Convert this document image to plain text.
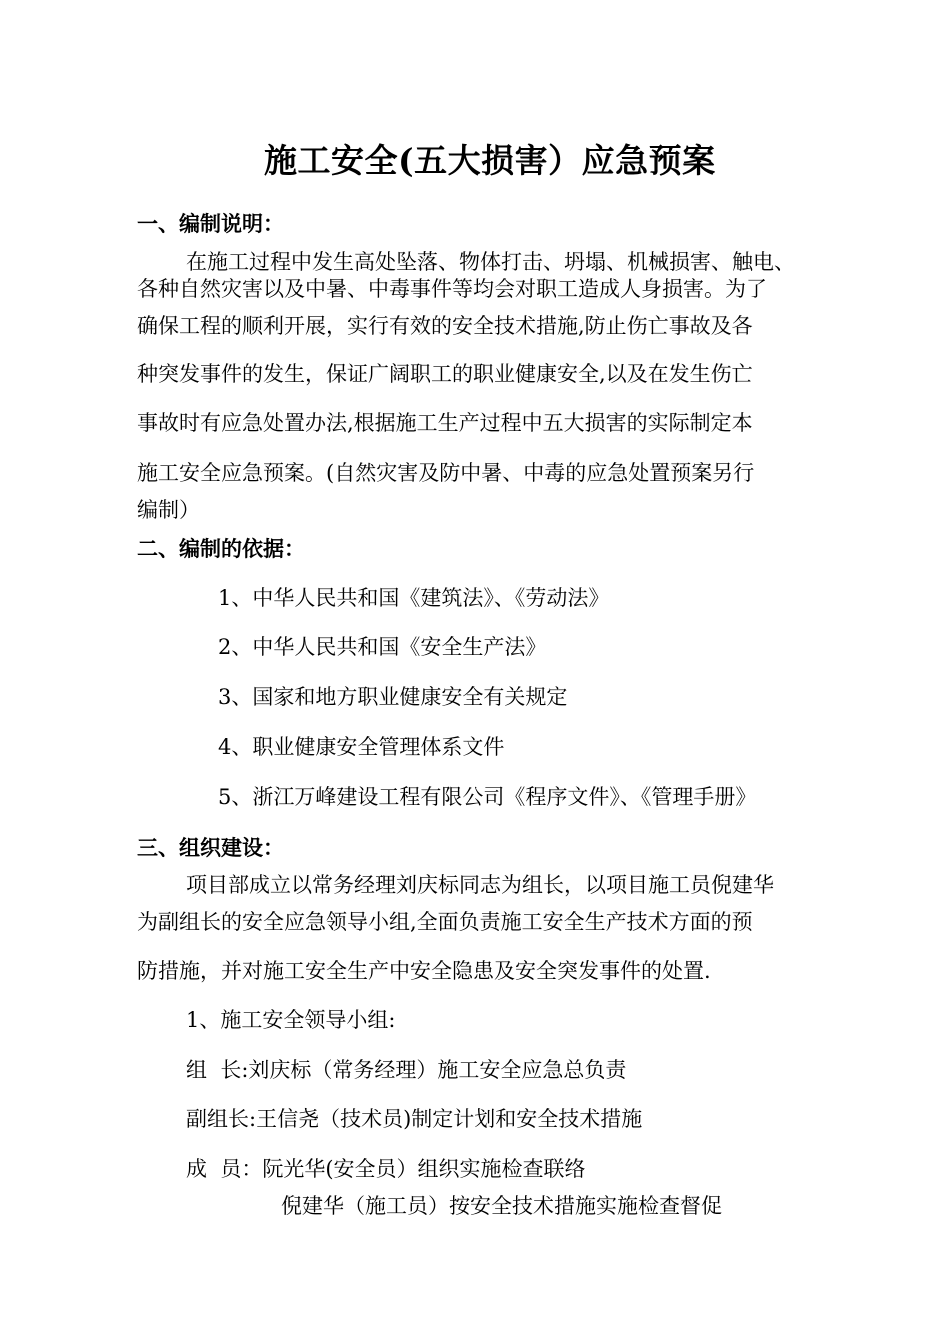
施工安全(五大损害）应急预案
一、编制说明：
在施工过程中发生高处坠落、物体打击、坍塌、机械损害、触电、
各种自然灾害以及中暑、中毒事件等均会对职工造成人身损害。为了
确保工程的顺利开展，实行有效的安全技术措施,防止伤亡事故及各
种突发事件的发生，保证广阔职工的职业健康安全,以及在发生伤亡
事故时有应急处置办法,根据施工生产过程中五大损害的实际制定本
施工安全应急预案。(自然灾害及防中暑、中毒的应急处置预案另行
编制）
二、编制的依据：
1、中华人民共和国《建筑法》、《劳动法》
2、中华人民共和国《安全生产法》
3、国家和地方职业健康安全有关规定
4、职业健康安全管理体系文件
5、浙江万峰建设工程有限公司《程序文件》、《管理手册》
三、组织建设：
项目部成立以常务经理刘庆标同志为组长，以项目施工员倪建华
为副组长的安全应急领导小组,全面负责施工安全生产技术方面的预
防措施，并对施工安全生产中安全隐患及安全突发事件的处置.
1、施工安全领导小组:
组  长:刘庆标（常务经理）施工安全应急总负责
副组长:王信尧（技术员)制定计划和安全技术措施
成  员：阮光华(安全员）组织实施检查联络
倪建华（施工员）按安全技术措施实施检查督促
